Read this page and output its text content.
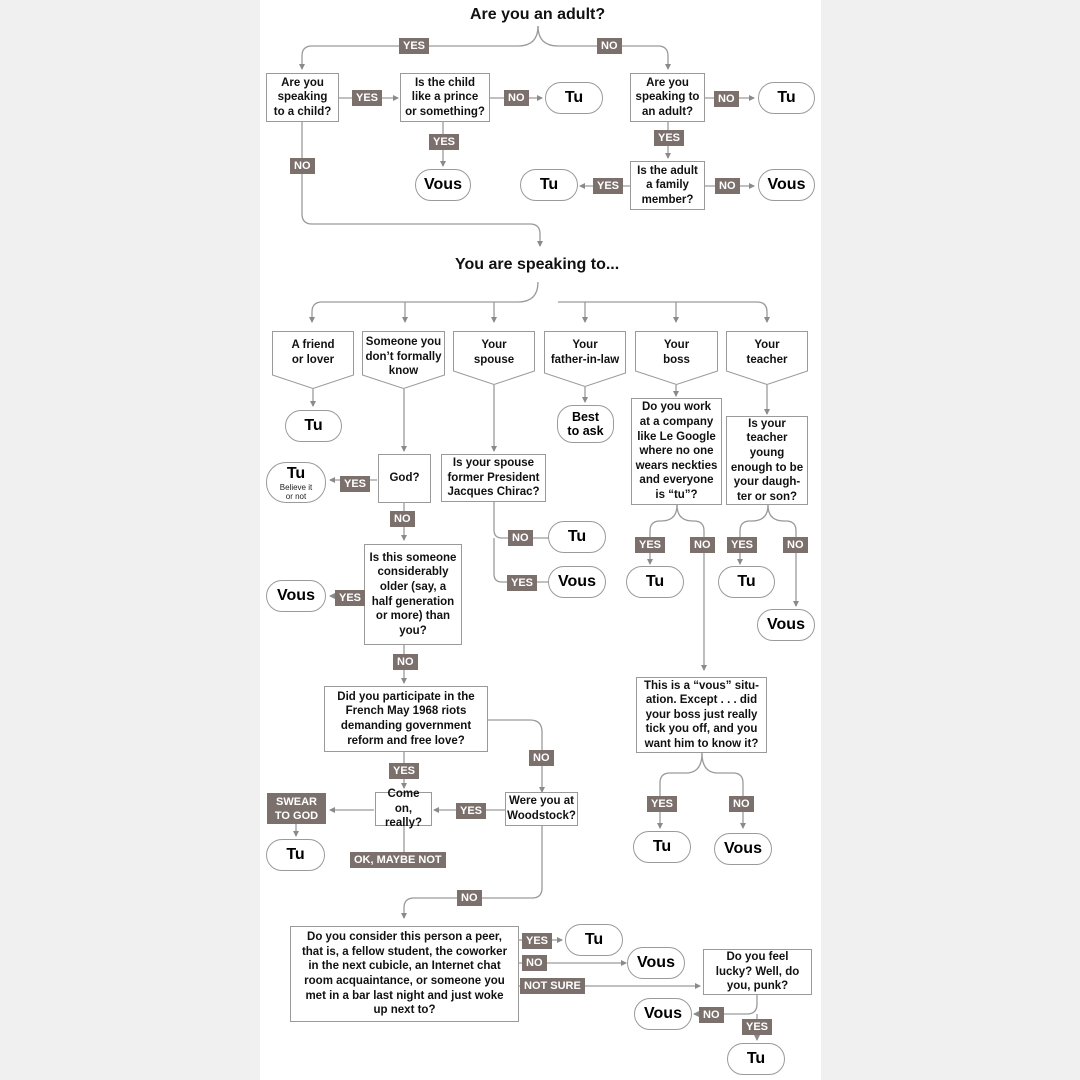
Are you an adult?
You are speaking to...
Are you
speaking
to a child?
Is the child
like a prince
or something?
Are you
speaking to
an adult?
Is the adult
a family
member?
Tu
Vous
Tu
Tu	Vous
YES	NO
YES	NO
YES
NO
NO
YES
YES	NO
A friend
or lover
Someone you
don’t formally
know
Your
spouse
Your
father-in-law
Your
boss
Your
teacher
Tu
Tu
Believe it
or not
God?
YES
NO
Is this someone
considerably
older (say, a
half generation
or more) than
you?
Vous	YES
NO
Did you participate in the
French May 1968 riots
demanding government
reform and free love?
YES
NO
Come on,
really?
Were you at
Woodstock?
YES
SWEAR
TO GOD
Tu	OK, MAYBE NOT
NO
Do you consider this person a peer,
that is, a fellow student, the coworker
in the next cubicle, an Internet chat
room acquaintance, or someone you
met in a bar last night and just woke
up next to?
YES Tu
NO	Vous
NOT SURE
Do you feel
lucky? Well, do
you, punk?
Vous	NO
YES
Tu
Is your spouse
former President
Jacques Chirac?
NO Tu
YES Vous
Best
to ask
Do you work
at a company
like Le Google
where no one
wears neckties
and everyone
is “tu”?
YES	NO
Tu
This is a “vous” situ-
ation. Except . . . did
your boss just really
tick you off, and you
want him to know it?
YES	NO
Tu	Vous
Is your
teacher
young
enough to be
your daugh-
ter or son?
YES	NO
Tu
Vous
